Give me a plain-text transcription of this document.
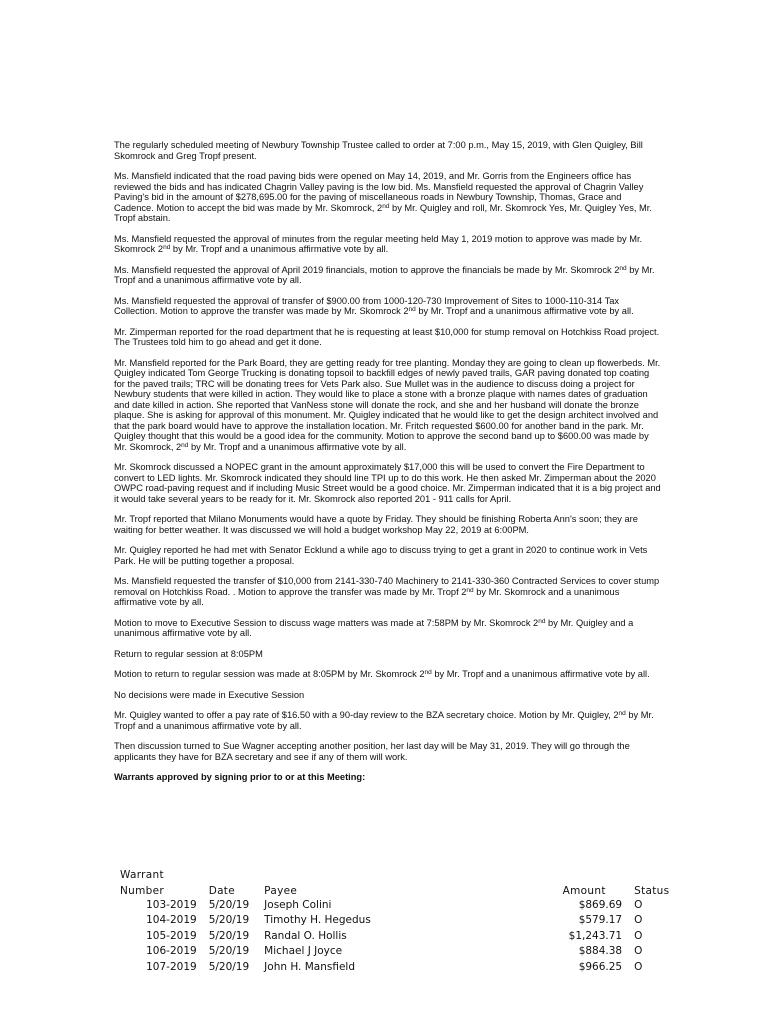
The regularly scheduled meeting of Newbury Township Trustee called to order at 7:00 p.m., May 15, 2019, with Glen Quigley, Bill Skomrock and Greg Tropf present.

Ms. Mansfield indicated that the road paving bids were opened on May 14, 2019, and Mr. Gorris from the Engineers office has reviewed the bids and has indicated Chagrin Valley paving is the low bid. Ms. Mansfield requested the approval of Chagrin Valley Paving's bid in the amount of $278,695.00 for the paving of miscellaneous roads in Newbury Township, Thomas, Grace and Cadence. Motion to accept the bid was made by Mr. Skomrock, 2nd by Mr. Quigley and roll, Mr. Skomrock Yes, Mr. Quigley Yes, Mr. Tropf abstain.

Ms. Mansfield requested the approval of minutes from the regular meeting held May 1, 2019 motion to approve was made by Mr. Skomrock 2nd by Mr. Tropf and a unanimous affirmative vote by all.

Ms. Mansfield requested the approval of April 2019 financials, motion to approve the financials be made by Mr. Skomrock 2nd by Mr. Tropf and a unanimous affirmative vote by all.

Ms. Mansfield requested the approval of transfer of $900.00 from 1000-120-730 Improvement of Sites to 1000-110-314 Tax Collection. Motion to approve the transfer was made by Mr. Skomrock 2nd by Mr. Tropf and a unanimous affirmative vote by all.

Mr. Zimperman reported for the road department that he is requesting at least $10,000 for stump removal on Hotchkiss Road project. The Trustees told him to go ahead and get it done.

Mr. Mansfield reported for the Park Board, they are getting ready for tree planting. Monday they are going to clean up flowerbeds. Mr. Quigley indicated Tom George Trucking is donating topsoil to backfill edges of newly paved trails, GAR paving donated top coating for the paved trails; TRC will be donating trees for Vets Park also. Sue Mullet was in the audience to discuss doing a project for Newbury students that were killed in action. They would like to place a stone with a bronze plaque with names dates of graduation and date killed in action. She reported that VanNess stone will donate the rock, and she and her husband will donate the bronze plaque. She is asking for approval of this monument. Mr. Quigley indicated that he would like to get the design architect involved and that the park board would have to approve the installation location. Mr. Fritch requested $600.00 for another band in the park. Mr. Quigley thought that this would be a good idea for the community. Motion to approve the second band up to $600.00 was made by Mr. Skomrock, 2nd by Mr. Tropf and a unanimous affirmative vote by all.

Mr. Skomrock discussed a NOPEC grant in the amount approximately $17,000 this will be used to convert the Fire Department to convert to LED lights. Mr. Skomrock indicated they should line TPI up to do this work. He then asked Mr. Zimperman about the 2020 OWPC road-paving request and if including Music Street would be a good choice. Mr. Zimperman indicated that it is a big project and it would take several years to be ready for it. Mr. Skomrock also reported 201 - 911 calls for April.

Mr. Tropf reported that Milano Monuments would have a quote by Friday. They should be finishing Roberta Ann's soon; they are waiting for better weather. It was discussed we will hold a budget workshop May 22, 2019 at 6:00PM.

Mr. Quigley reported he had met with Senator Ecklund a while ago to discuss trying to get a grant in 2020 to continue work in Vets Park. He will be putting together a proposal.

Ms. Mansfield requested the transfer of $10,000 from 2141-330-740 Machinery to 2141-330-360 Contracted Services to cover stump removal on Hotchkiss Road. . Motion to approve the transfer was made by Mr. Tropf 2nd by Mr. Skomrock and a unanimous affirmative vote by all.

Motion to move to Executive Session to discuss wage matters was made at 7:58PM by Mr. Skomrock 2nd by Mr. Quigley and a unanimous affirmative vote by all.

Return to regular session at 8:05PM

Motion to return to regular session was made at 8:05PM by Mr. Skomrock 2nd by Mr. Tropf and a unanimous affirmative vote by all.

No decisions were made in Executive Session

Mr. Quigley wanted to offer a pay rate of $16.50 with a 90-day review to the BZA secretary choice. Motion by Mr. Quigley, 2nd by Mr. Tropf and a unanimous affirmative vote by all.

Then discussion turned to Sue Wagner accepting another position, her last day will be May 31, 2019. They will go through the applicants they have for BZA secretary and see if any of them will work.

Warrants approved by signing prior to or at this Meeting:
Warrant				
Number	Date	Payee	Amount	Status
103-2019	5/20/19	Joseph Colini	$869.69	O
104-2019	5/20/19	Timothy H. Hegedus	$579.17	O
105-2019	5/20/19	Randal O. Hollis	$1,243.71	O
106-2019	5/20/19	Michael J Joyce	$884.38	O
107-2019	5/20/19	John H. Mansfield	$966.25	O
